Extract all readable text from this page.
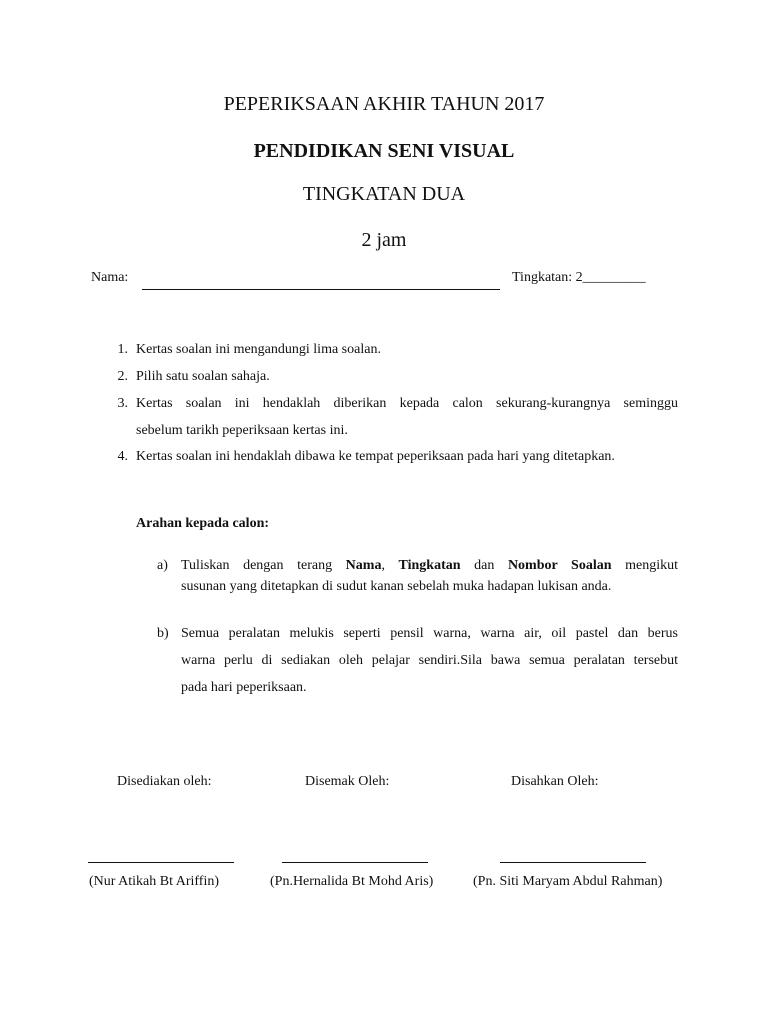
PEPERIKSAAN AKHIR TAHUN 2017
PENDIDIKAN SENI VISUAL
TINGKATAN DUA
2 jam
Nama:	Tingkatan: 2_________
1. Kertas soalan ini mengandungi lima soalan.
2. Pilih satu soalan sahaja.
3. Kertas soalan ini hendaklah diberikan kepada calon sekurang-kurangnya seminggu
sebelum tarikh peperiksaan kertas ini.
4. Kertas soalan ini hendaklah dibawa ke tempat peperiksaan pada hari yang ditetapkan.
Arahan kepada calon:
a) Tuliskan dengan terang Nama, Tingkatan dan Nombor Soalan mengikut
susunan yang ditetapkan di sudut kanan sebelah muka hadapan lukisan anda.
b) Semua peralatan melukis seperti pensil warna, warna air, oil pastel dan berus
warna perlu di sediakan oleh pelajar sendiri.Sila bawa semua peralatan tersebut
pada hari peperiksaan.
Disediakan oleh:	Disemak Oleh:	Disahkan Oleh:
(Nur Atikah Bt Ariffin)	(Pn.Hernalida Bt Mohd Aris)	(Pn. Siti Maryam Abdul Rahman)
